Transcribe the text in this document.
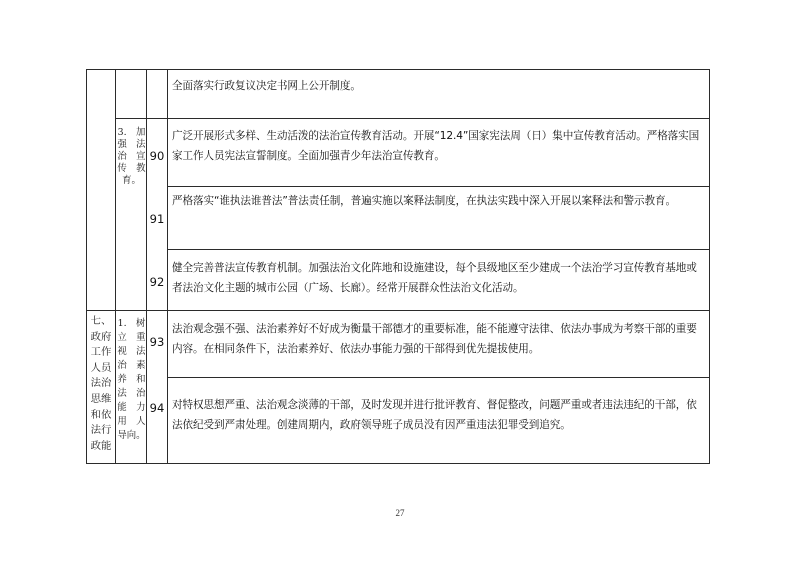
七、
政府
工作
人员
法治
思维
和依
法行
政能
3.　加
强　法
治　宣
传　教
育。
1.　树
立　重
视　法
治　素
养　和
法　治
能　力
用　人
导向。
90
91
92
93
94
全面落实行政复议决定书网上公开制度。
广泛开展形式多样、生动活泼的法治宣传教育活动。开展“12.4”国家宪法周（日）集中宣传教育活动。严格落实国家工作人员宪法宣誓制度。全面加强青少年法治宣传教育。
严格落实“谁执法谁普法”普法责任制，普遍实施以案释法制度，在执法实践中深入开展以案释法和警示教育。
健全完善普法宣传教育机制。加强法治文化阵地和设施建设，每个县级地区至少建成一个法治学习宣传教育基地或者法治文化主题的城市公园（广场、长廊）。经常开展群众性法治文化活动。
法治观念强不强、法治素养好不好成为衡量干部德才的重要标准，能不能遵守法律、依法办事成为考察干部的重要内容。在相同条件下，法治素养好、依法办事能力强的干部得到优先提拔使用。
对特权思想严重、法治观念淡薄的干部，及时发现并进行批评教育、督促整改，问题严重或者违法违纪的干部，依法依纪受到严肃处理。创建周期内，政府领导班子成员没有因严重违法犯罪受到追究。
27
